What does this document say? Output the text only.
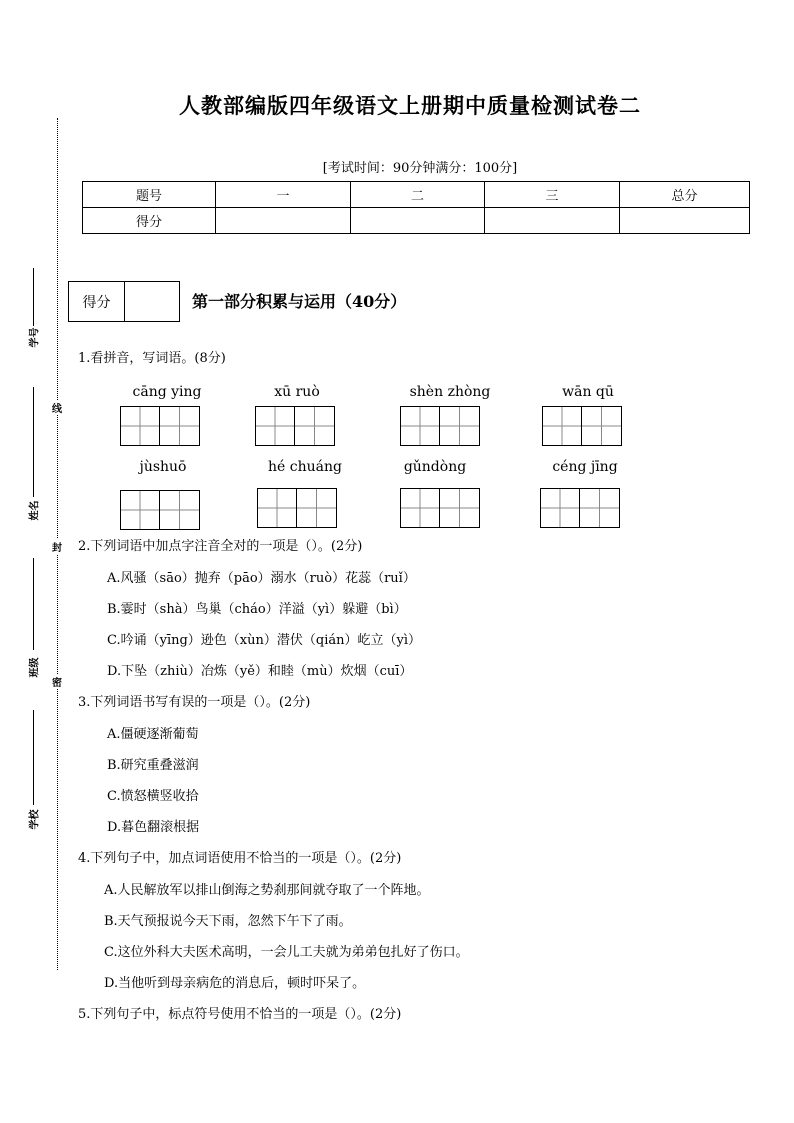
人教部编版四年级语文上册期中质量检测试卷二
[考试时间：90分钟满分：100分]
题号	一	二	三	总分
得分				
线
封
密
学号
姓名
班级
学校
得分	第一部分积累与运用（40分）
1.看拼音，写词语。(8分)
cāng ying	xū ruò	shèn zhòng	wān qū
jùshuō	hé chuáng	gǔndòng	céng jīng
2.下列词语中加点字注音全对的一项是（）。(2分)
A.风骚（sāo）抛弃（pāo）溺水（ruò）花蕊（ruǐ）
B.霎时（shà）鸟巢（cháo）洋溢（yì）躲避（bì）
C.吟诵（yīng）逊色（xùn）潜伏（qián）屹立（yì）
D.下坠（zhiù）冶炼（yě）和睦（mù）炊烟（cuī）
3.下列词语书写有误的一项是（）。(2分)
A.僵硬逐渐葡萄
B.研究重叠滋润
C.愤怒横竖收拾
D.暮色翻滚根据
4.下列句子中，加点词语使用不恰当的一项是（）。(2分)
A.人民解放军以排山倒海之势刹那间就夺取了一个阵地。
B.天气预报说今天下雨，忽然下午下了雨。
C.这位外科大夫医术高明，一会儿工夫就为弟弟包扎好了伤口。
D.当他听到母亲病危的消息后，顿时吓呆了。
5.下列句子中，标点符号使用不恰当的一项是（）。(2分)
